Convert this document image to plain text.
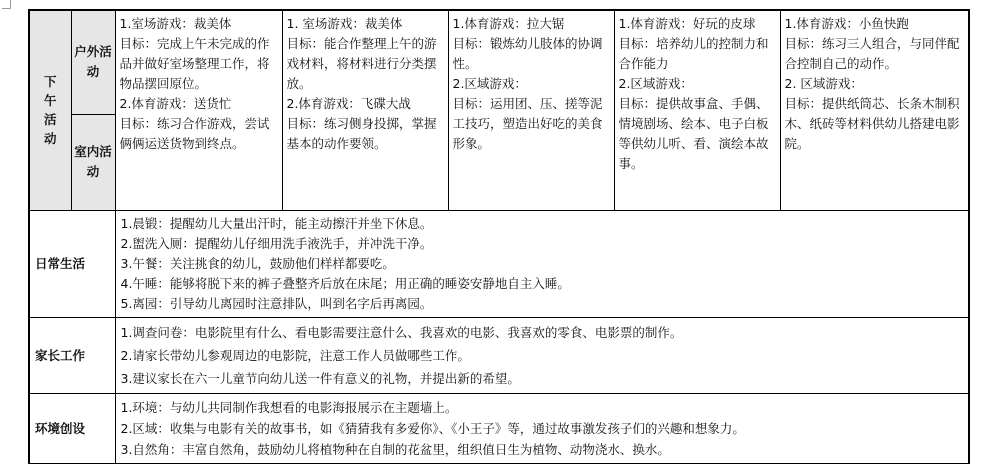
下午活动	户外活动	1.室场游戏：裁美体
目标：完成上午未完成的作品并做好室场整理工作，将物品摆回原位。
2.体育游戏：送货忙
目标：练习合作游戏，尝试俩俩运送货物到终点。	1. 室场游戏：裁美体
目标：能合作整理上午的游戏材料，将材料进行分类摆放。
2.体育游戏：飞碟大战
目标：练习侧身投掷，掌握基本的动作要领。	1.体育游戏：拉大锯
目标：锻炼幼儿肢体的协调性。
2.区域游戏：
目标：运用团、压、搓等泥工技巧，塑造出好吃的美食形象。	1.体育游戏：好玩的皮球
目标：培养幼儿的控制力和合作能力
2.区域游戏：
目标：提供故事盒、手偶、情境剧场、绘本、电子白板等供幼儿听、看、演绘本故事。	1.体育游戏：小鱼快跑
目标：练习三人组合，与同伴配合控制自己的动作。
2. 区域游戏：
目标：提供纸筒芯、长条木制积木、纸砖等材料供幼儿搭建电影院。

	室内活动					
日常生活		1.晨锻：提醒幼儿大量出汗时，能主动擦汗并坐下休息。
2.盥洗入厕：提醒幼儿仔细用洗手液洗手，并冲洗干净。
3.午餐：关注挑食的幼儿，鼓励他们样样都要吃。
4.午睡：能够将脱下来的裤子叠整齐后放在床尾；用正确的睡姿安静地自主入睡。
5.离园：引导幼儿离园时注意排队，叫到名字后再离园。				

家长工作		1.调查问卷：电影院里有什么、看电影需要注意什么、我喜欢的电影、我喜欢的零食、电影票的制作。
2.请家长带幼儿参观周边的电影院，注意工作人员做哪些工作。
3.建议家长在六一儿童节向幼儿送一件有意义的礼物，并提出新的希望。				

环境创设		1.环境：与幼儿共同制作我想看的电影海报展示在主题墙上。
2.区域：收集与电影有关的故事书，如《猜猜我有多爱你》、《小王子》等，通过故事激发孩子们的兴趣和想象力。
3.自然角：丰富自然角，鼓励幼儿将植物种在自制的花盆里，组织值日生为植物、动物浇水、换水。				
